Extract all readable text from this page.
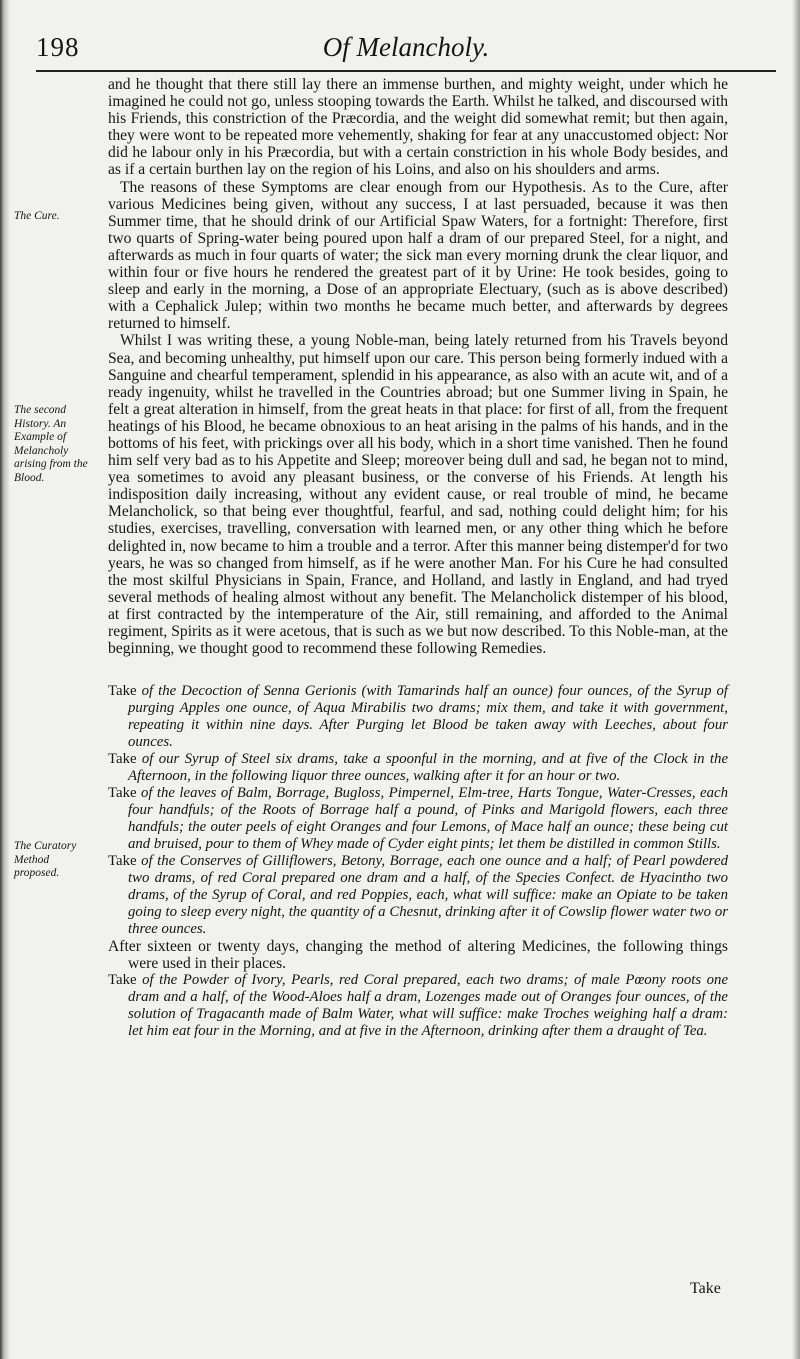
198	Of Melancholy.
The Cure.
The second History. An Example of Melancholy arising from the Blood.
The Curatory Method proposed.

and he thought that there still lay there an immense burthen, and mighty weight, under which he imagined he could not go, unless stooping towards the Earth. Whilst he talked, and discoursed with his Friends, this constriction of the Præcordia, and the weight did somewhat remit; but then again, they were wont to be repeated more vehemently, shaking for fear at any unaccustomed object: Nor did he labour only in his Præcordia, but with a certain constriction in his whole Body besides, and as if a certain burthen lay on the region of his Loins, and also on his shoulders and arms.

The reasons of these Symptoms are clear enough from our Hypothesis. As to the Cure, after various Medicines being given, without any success, I at last persuaded, because it was then Summer time, that he should drink of our Artificial Spaw Waters, for a fortnight: Therefore, first two quarts of Spring-water being poured upon half a dram of our prepared Steel, for a night, and afterwards as much in four quarts of water; the sick man every morning drunk the clear liquor, and within four or five hours he rendered the greatest part of it by Urine: He took besides, going to sleep and early in the morning, a Dose of an appropriate Electuary, (such as is above described) with a Cephalick Julep; within two months he became much better, and afterwards by degrees returned to himself.

Whilst I was writing these, a young Noble-man, being lately returned from his Travels beyond Sea, and becoming unhealthy, put himself upon our care. This person being formerly indued with a Sanguine and chearful temperament, splendid in his appearance, as also with an acute wit, and of a ready ingenuity, whilst he travelled in the Countries abroad; but one Summer living in Spain, he felt a great alteration in himself, from the great heats in that place: for first of all, from the frequent heatings of his Blood, he became obnoxious to an heat arising in the palms of his hands, and in the bottoms of his feet, with prickings over all his body, which in a short time vanished. Then he found him self very bad as to his Appetite and Sleep; moreover being dull and sad, he began not to mind, yea sometimes to avoid any pleasant business, or the converse of his Friends. At length his indisposition daily increasing, without any evident cause, or real trouble of mind, he became Melancholick, so that being ever thoughtful, fearful, and sad, nothing could delight him; for his studies, exercises, travelling, conversation with learned men, or any other thing which he before delighted in, now became to him a trouble and a terror. After this manner being distemper'd for two years, he was so changed from himself, as if he were another Man. For his Cure he had consulted the most skilful Physicians in Spain, France, and Holland, and lastly in England, and had tryed several methods of healing almost without any benefit. The Melancholick distemper of his blood, at first contracted by the intemperature of the Air, still remaining, and afforded to the Animal regiment, Spirits as it were acetous, that is such as we but now described. To this Noble-man, at the beginning, we thought good to recommend these following Remedies.

Take of the Decoction of Senna Gerionis (with Tamarinds half an ounce) four ounces, of the Syrup of purging Apples one ounce, of Aqua Mirabilis two drams; mix them, and take it with government, repeating it within nine days. After Purging let Blood be taken away with Leeches, about four ounces.

Take of our Syrup of Steel six drams, take a spoonful in the morning, and at five of the Clock in the Afternoon, in the following liquor three ounces, walking after it for an hour or two.

Take of the leaves of Balm, Borrage, Bugloss, Pimpernel, Elm-tree, Harts Tongue, Water-Cresses, each four handfuls; of the Roots of Borrage half a pound, of Pinks and Marigold flowers, each three handfuls; the outer peels of eight Oranges and four Lemons, of Mace half an ounce; these being cut and bruised, pour to them of Whey made of Cyder eight pints; let them be distilled in common Stills.

Take of the Conserves of Gilliflowers, Betony, Borrage, each one ounce and a half; of Pearl powdered two drams, of red Coral prepared one dram and a half, of the Species Confect. de Hyacintho two drams, of the Syrup of Coral, and red Poppies, each, what will suffice: make an Opiate to be taken going to sleep every night, the quantity of a Chesnut, drinking after it of Cowslip flower water two or three ounces.

After sixteen or twenty days, changing the method of altering Medicines, the following things were used in their places.

Take of the Powder of Ivory, Pearls, red Coral prepared, each two drams; of male Pœony roots one dram and a half, of the Wood-Aloes half a dram, Lozenges made out of Oranges four ounces, of the solution of Tragacanth made of Balm Water, what will suffice: make Troches weighing half a dram: let him eat four in the Morning, and at five in the Afternoon, drinking after them a draught of Tea.

Take
